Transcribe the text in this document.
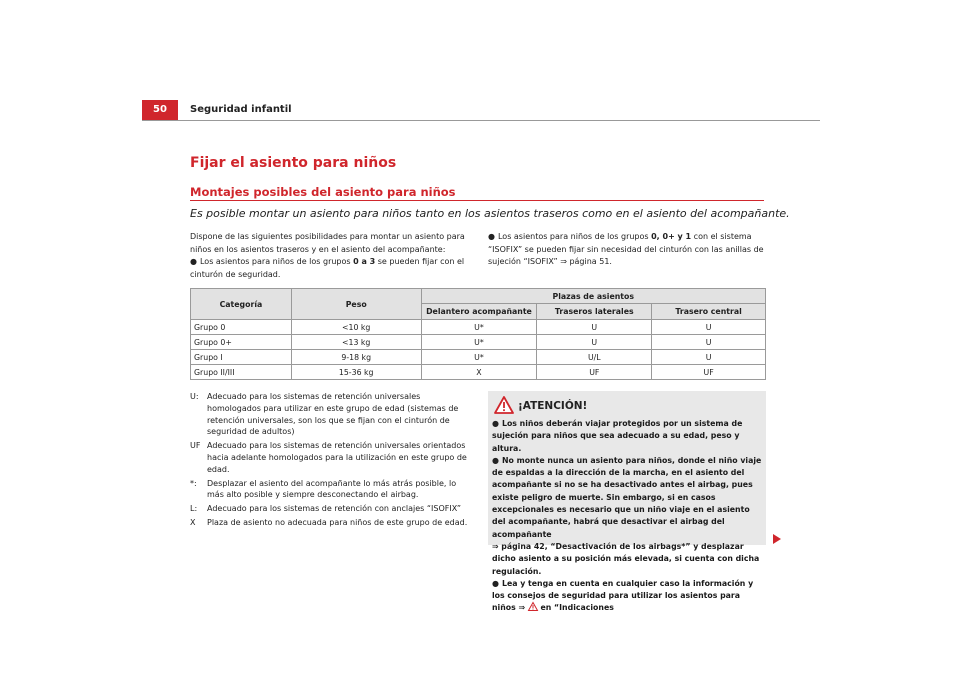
50	Seguridad infantil
Fijar el asiento para niños
Montajes posibles del asiento para niños
Es posible montar un asiento para niños tanto en los asientos traseros como en el asiento del acompañante.

Dispone de las siguientes posibilidades para montar un asiento para niños en los asientos traseros y en el asiento del acompañante:

● Los asientos para niños de los grupos 0 a 3 se pueden fijar con el cinturón de seguridad.

● Los asientos para niños de los grupos 0, 0+ y 1 con el sistema “ISOFIX” se pueden fijar sin necesidad del cinturón con las anillas de sujeción “ISOFIX” ⇒ página 51.

Categoría	Peso	Plazas de asientos		
		Delantero acompañante	Traseros laterales	Trasero central
Grupo 0	<10 kg	U*	U	U
Grupo 0+	<13 kg	U*	U	U
Grupo I	9-18 kg	U*	U/L	U
Grupo II/III	15-36 kg	X	UF	UF
U:	Adecuado para los sistemas de retención universales homologados para utilizar en este grupo de edad (sistemas de retención universales, son los que se fijan con el cinturón de seguridad de adultos)
UF Adecuado para los sistemas de retención universales orientados hacia adelante homologados para la utilización en este grupo de edad.
*:	Desplazar el asiento del acompañante lo más atrás posible, lo más alto posible y siempre desconectando el airbag.
L:	Adecuado para los sistemas de retención con anclajes “ISOFIX”
X	Plaza de asiento no adecuada para niños de este grupo de edad.
¡ATENCIÓN!

● Los niños deberán viajar protegidos por un sistema de sujeción para niños que sea adecuado a su edad, peso y altura.

● No monte nunca un asiento para niños, donde el niño viaje de espaldas a la dirección de la marcha, en el asiento del acompañante si no se ha desactivado antes el airbag, pues existe peligro de muerte. Sin embargo, si en casos excepcionales es necesario que un niño viaje en el asiento del acompañante, habrá que desactivar el airbag del acompañante
⇒ página 42, “Desactivación de los airbags*” y desplazar dicho asiento a su posición más elevada, si cuenta con dicha regulación.

● Lea y tenga en cuenta en cualquier caso la información y los consejos de seguridad para utilizar los asientos para niños ⇒  en “Indicaciones
